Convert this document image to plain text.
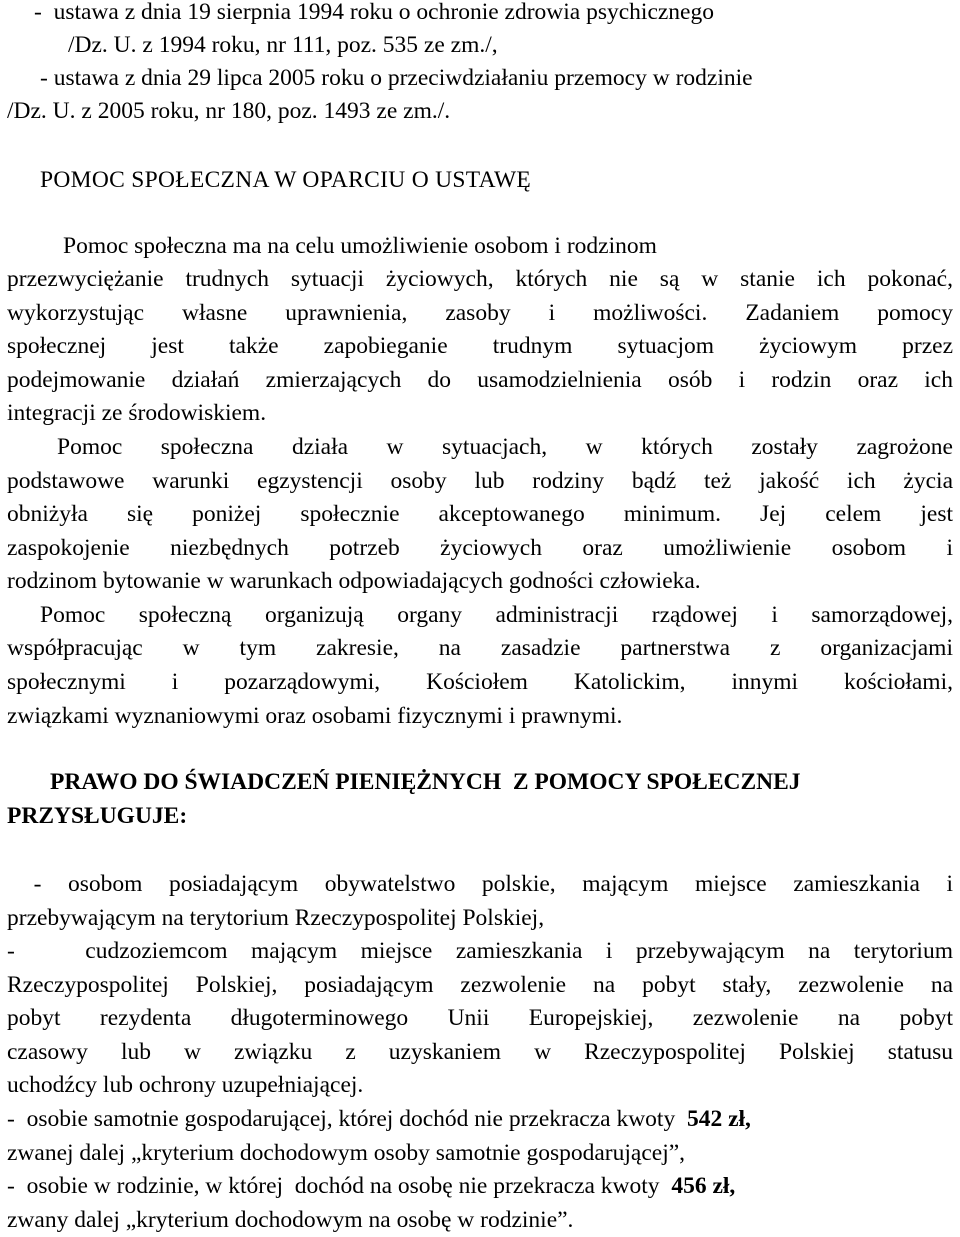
-  ustawa z dnia 19 sierpnia 1994 roku o ochronie zdrowia psychicznego
/Dz. U. z 1994 roku, nr 111, poz. 535 ze zm./,
- ustawa z dnia 29 lipca 2005 roku o przeciwdziałaniu przemocy w rodzinie
/Dz. U. z 2005 roku, nr 180, poz. 1493 ze zm./.
POMOC SPOŁECZNA W OPARCIU O USTAWĘ
Pomoc społeczna ma na celu umożliwienie osobom i rodzinom
przezwyciężanie trudnych sytuacji życiowych, których nie są w stanie ich pokonać,
wykorzystując własne uprawnienia, zasoby i możliwości. Zadaniem pomocy
społecznej jest także zapobieganie trudnym sytuacjom życiowym przez
podejmowanie działań zmierzających do usamodzielnienia osób i rodzin oraz ich
integracji ze środowiskiem.
Pomoc społeczna działa w sytuacjach, w których zostały zagrożone
podstawowe warunki egzystencji osoby lub rodziny bądź też jakość ich życia
obniżyła się poniżej społecznie akceptowanego minimum. Jej celem jest
zaspokojenie niezbędnych potrzeb życiowych oraz umożliwienie osobom i
rodzinom bytowanie w warunkach odpowiadających godności człowieka.
Pomoc społeczną organizują organy administracji rządowej i samorządowej,
współpracując w tym zakresie, na zasadzie partnerstwa z organizacjami
społecznymi i pozarządowymi, Kościołem Katolickim, innymi kościołami,
związkami wyznaniowymi oraz osobami fizycznymi i prawnymi.
PRAWO DO ŚWIADCZEŃ PIENIĘŻNYCH  Z POMOCY SPOŁECZNEJ
PRZYSŁUGUJE:
- osobom posiadającym obywatelstwo polskie, mającym miejsce zamieszkania i
przebywającym na terytorium Rzeczypospolitej Polskiej,
-   cudzoziemcom mającym miejsce zamieszkania i przebywającym na terytorium
Rzeczypospolitej Polskiej, posiadającym zezwolenie na pobyt stały, zezwolenie na
pobyt rezydenta długoterminowego Unii Europejskiej, zezwolenie na pobyt
czasowy lub w związku z uzyskaniem w Rzeczypospolitej Polskiej statusu
uchodźcy lub ochrony uzupełniającej.
-  osobie samotnie gospodarującej, której dochód nie przekracza kwoty  542 zł,
zwanej dalej „kryterium dochodowym osoby samotnie gospodarującej”,
-  osobie w rodzinie, w której  dochód na osobę nie przekracza kwoty  456 zł,
zwany dalej „kryterium dochodowym na osobę w rodzinie”.
